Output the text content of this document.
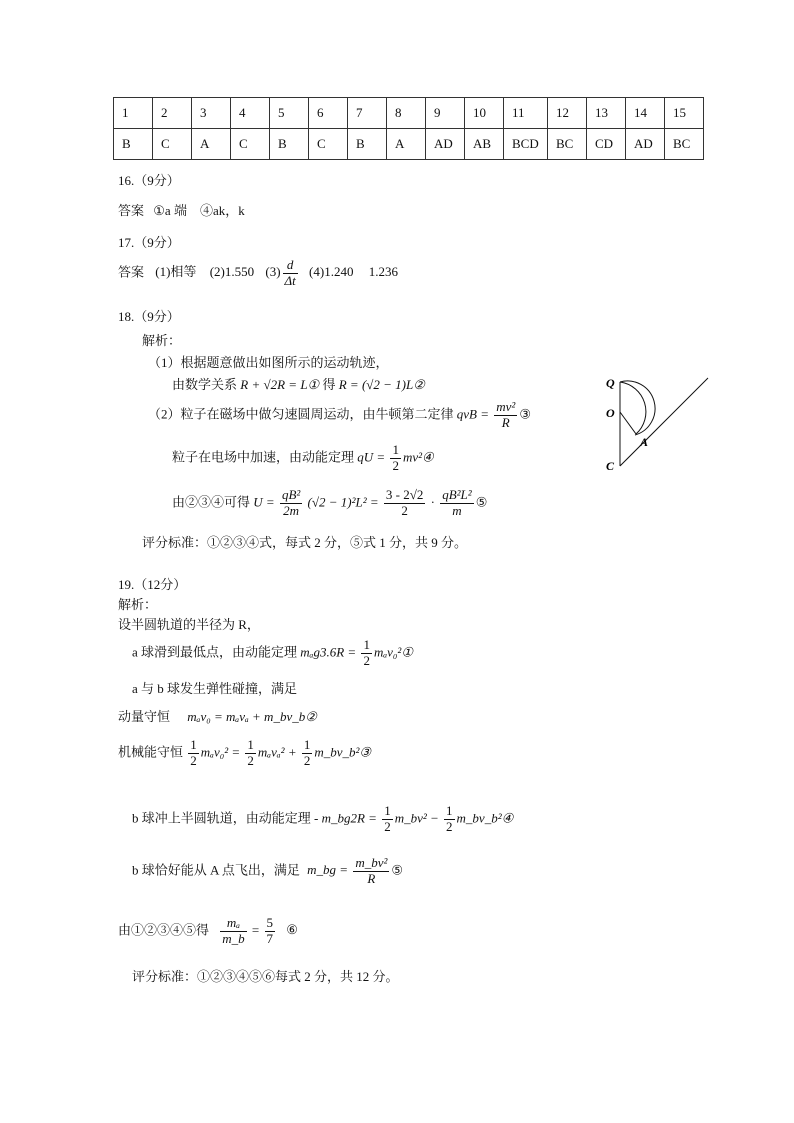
1	2	3	4	5	6	7	8	9	10	11	12	13	14	15
B	C	A	C	B	C	B	A	AD	AB	BCD	BC	CD	AD	BC
16.（9分）
答案 ①a 端　④ak，k
17.（9分）
答案 (1)相等 (2)1.550 $(3) \frac{d}{\Delta t} (4)1.240$ 1.236
18.（9分）
解析：
（1）根据题意做出如图所示的运动轨迹，
由数学关系 R + √2R = L① 得 R = (√2 − 1)L②
（2）粒子在磁场中做匀速圆周运动，由牛顿第二定律 qvB = $\frac{\text{mv²}}{R}$ ③
粒子在电场中加速，由动能定理 qU = $\frac{1}{2}$ mv²④
由②③④可得 $U = \frac{\text{qB²}}{2m} (√2 - 1)^2L^2 = \frac{3 - 2√2}{2} \cdot \frac{\text{qB²L²}}{m}$ ⑤
评分标准：①②③④式，每式 2 分，⑤式 1 分，共 9 分。
Q
O
A
C
19.（12分）
解析：
设半圆轨道的半径为 R，
a 球滑到最低点，由动能定理 $m_ag3.6R = \frac{1}{2}$ mₐv₀²①
a 与 b 球发生弹性碰撞，满足
动量守恒 mₐv₀ = mₐvₐ + m_bv_b②
机械能守恒 $\frac{1}{2} m_av_0^2 = \frac{1}{2} m_av_a^2 + \frac{1}{2}$ m_bv_b²③
b 球冲上半圆轨道，由动能定理 - m_bg2R = $\frac{1}{2}$ m_bv² − $\frac{1}{2}$ m_bv_b²④
b 球恰好能从 A 点飞出，满足 m_bg = $\frac{\text{m\_bv²}}{R}$ ⑤
由①②③④⑤得 $\frac{\text{mₐ}}{m\_b} = \frac{5}{7}$ ⑥
评分标准：①②③④⑤⑥每式 2 分，共 12 分。
